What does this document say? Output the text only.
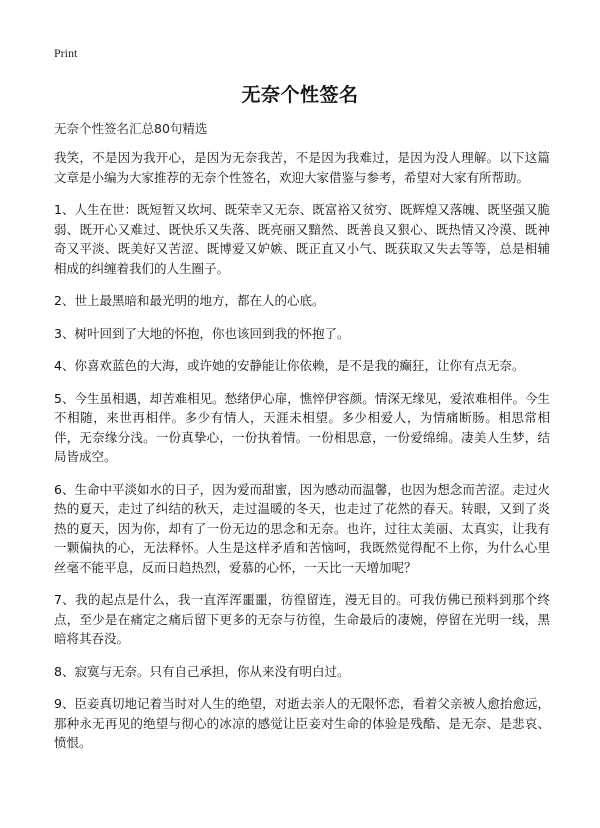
Print
无奈个性签名
无奈个性签名汇总80句精选

我笑，不是因为我开心，是因为无奈我苦，不是因为我难过，是因为没人理解。以下这篇文章是小编为大家推荐的无奈个性签名，欢迎大家借鉴与参考，希望对大家有所帮助。

1、人生在世：既短暂又坎坷、既荣幸又无奈、既富裕又贫穷、既辉煌又落魄、既坚强又脆弱、既开心又难过、既快乐又失落、既亮丽又黯然、既善良又狠心、既热情又冷漠、既神奇又平淡、既美好又苦涩、既博爱又妒嫉、既正直又小气、既获取又失去等等，总是相辅相成的纠缠着我们的人生圈子。

2、世上最黑暗和最光明的地方，都在人的心底。

3、树叶回到了大地的怀抱，你也该回到我的怀抱了。

4、你喜欢蓝色的大海，或许她的安静能让你依赖，是不是我的癫狂，让你有点无奈。

5、今生虽相遇，却苦难相见。愁绪伊心扉，憔悴伊容颜。情深无缘见，爱浓难相伴。今生不相随，来世再相伴。多少有情人，天涯未相望。多少相爱人，为情痛断肠。相思常相伴，无奈缘分浅。一份真挚心，一份执着情。一份相思意，一份爱绵绵。凄美人生梦，结局皆成空。

6、生命中平淡如水的日子，因为爱而甜蜜，因为感动而温馨，也因为想念而苦涩。走过火热的夏天，走过了纠结的秋天，走过温暖的冬天，也走过了花然的春天。转眼，又到了炎热的夏天，因为你，却有了一份无边的思念和无奈。也许，过往太美丽、太真实，让我有一颗偏执的心，无法释怀。人生是这样矛盾和苦恼呵，我既然觉得配不上你，为什么心里丝毫不能平息，反而日趋热烈，爱慕的心怀，一天比一天增加呢？

7、我的起点是什么，我一直浑浑噩噩，彷徨留连，漫无目的。可我仿佛已预料到那个终点，至少是在痛定之痛后留下更多的无奈与彷徨，生命最后的凄婉，停留在光明一线，黑暗将其吞没。

8、寂寞与无奈。只有自己承担，你从来没有明白过。

9、臣妾真切地记着当时对人生的绝望，对逝去亲人的无限怀恋，看着父亲被人愈抬愈远，那种永无再见的绝望与彻心的冰凉的感觉让臣妾对生命的体验是残酷、是无奈、是悲哀、愤恨。
